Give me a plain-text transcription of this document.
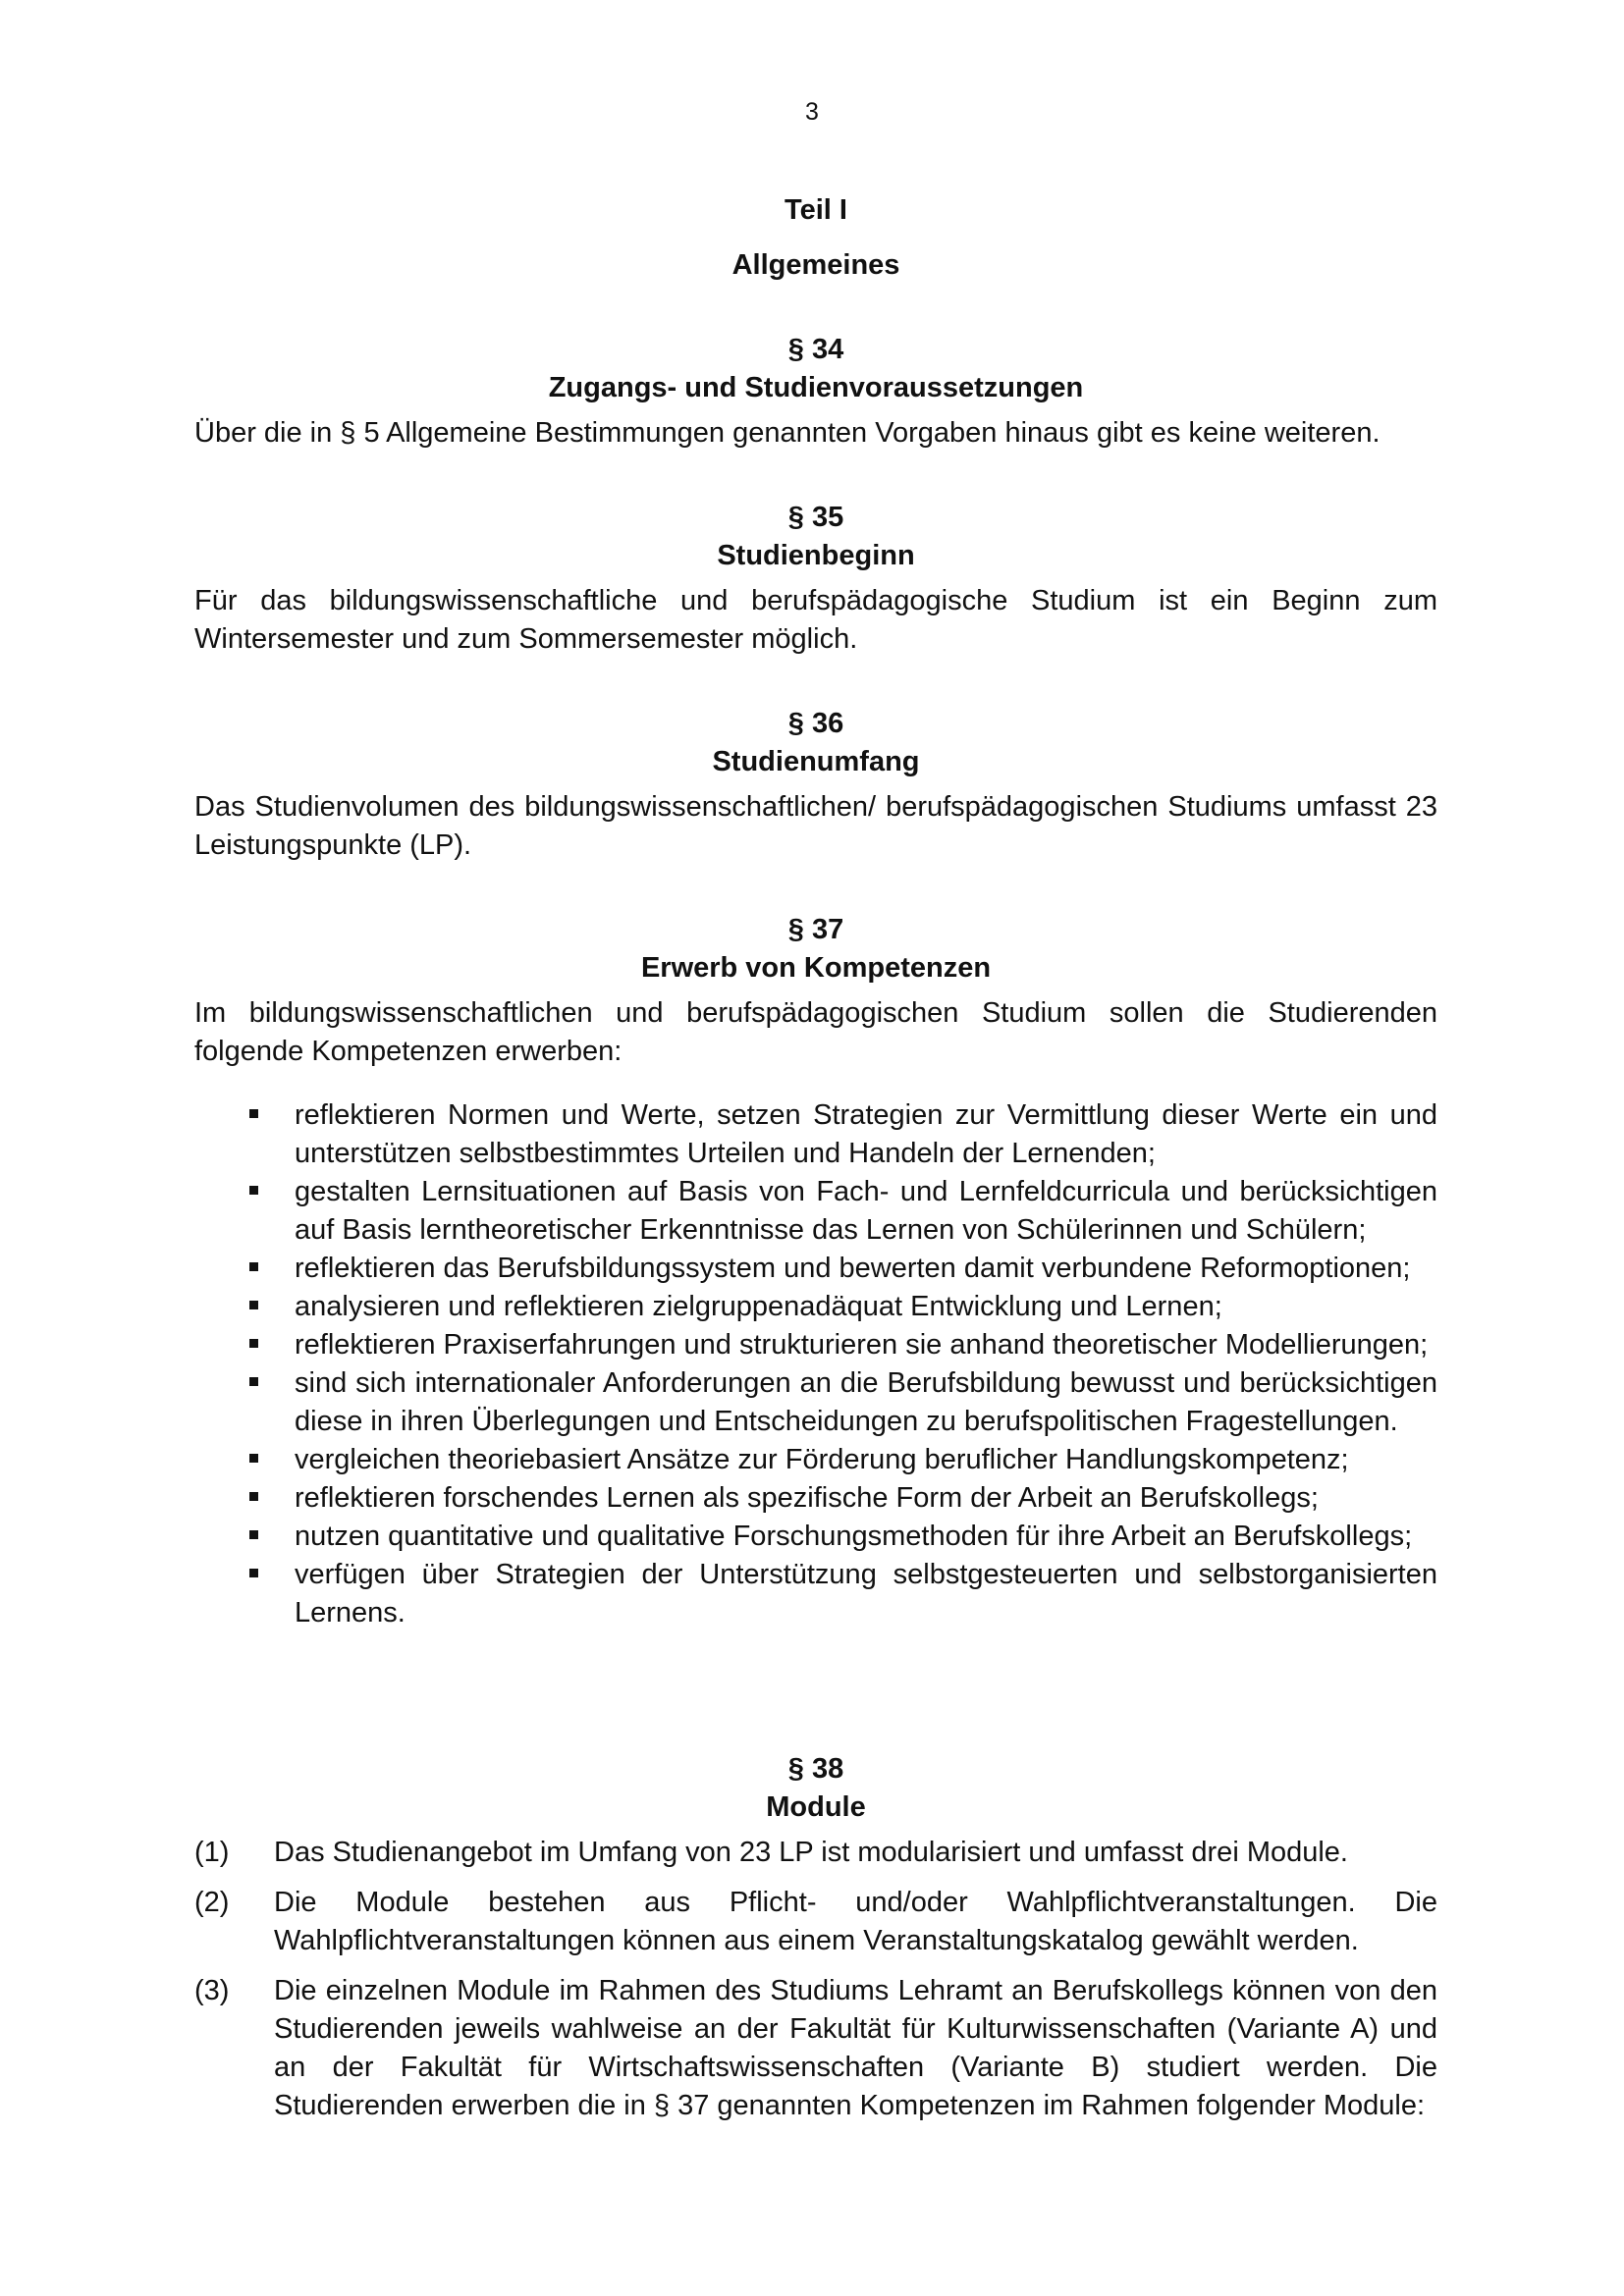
3

Teil I

Allgemeines

§ 34

Zugangs- und Studienvoraussetzungen

Über die in § 5 Allgemeine Bestimmungen genannten Vorgaben hinaus gibt es keine weiteren.

§ 35

Studienbeginn

Für das bildungswissenschaftliche und berufspädagogische Studium ist ein Beginn zum Wintersemester und zum Sommersemester möglich.

§ 36

Studienumfang

Das Studienvolumen des bildungswissenschaftlichen/ berufspädagogischen Studiums umfasst 23 Leistungspunkte (LP).

§ 37

Erwerb von Kompetenzen

Im bildungswissenschaftlichen und berufspädagogischen Studium sollen die Studierenden folgende Kompetenzen erwerben:

reflektieren Normen und Werte, setzen Strategien zur Vermittlung dieser Werte ein und unterstützen selbstbestimmtes Urteilen und Handeln der Lernenden;
gestalten Lernsituationen auf Basis von Fach- und Lernfeldcurricula und berücksichtigen auf Basis lerntheoretischer Erkenntnisse das Lernen von Schülerinnen und Schülern;
reflektieren das Berufsbildungssystem und bewerten damit verbundene Reformoptionen;
analysieren und reflektieren zielgruppenadäquat Entwicklung und Lernen;
reflektieren Praxiserfahrungen und strukturieren sie anhand theoretischer Modellierungen;
sind sich internationaler Anforderungen an die Berufsbildung bewusst und berücksichtigen diese in ihren Überlegungen und Entscheidungen zu berufspolitischen Fragestellungen.
vergleichen theoriebasiert Ansätze zur Förderung beruflicher Handlungskompetenz;
reflektieren forschendes Lernen als spezifische Form der Arbeit an Berufskollegs;
nutzen quantitative und qualitative Forschungsmethoden für ihre Arbeit an Berufskollegs;
verfügen über Strategien der Unterstützung selbstgesteuerten und selbstorganisierten Lernens.

§ 38

Module

(1) Das Studienangebot im Umfang von 23 LP ist modularisiert und umfasst drei Module.
(2) Die Module bestehen aus Pflicht- und/oder Wahlpflichtveranstaltungen. Die Wahlpflichtveranstaltungen können aus einem Veranstaltungskatalog gewählt werden.
(3) Die einzelnen Module im Rahmen des Studiums Lehramt an Berufskollegs können von den Studierenden jeweils wahlweise an der Fakultät für Kulturwissenschaften (Variante A) und an der Fakultät für Wirtschaftswissenschaften (Variante B) studiert werden. Die Studierenden erwerben die in § 37 genannten Kompetenzen im Rahmen folgender Module:
